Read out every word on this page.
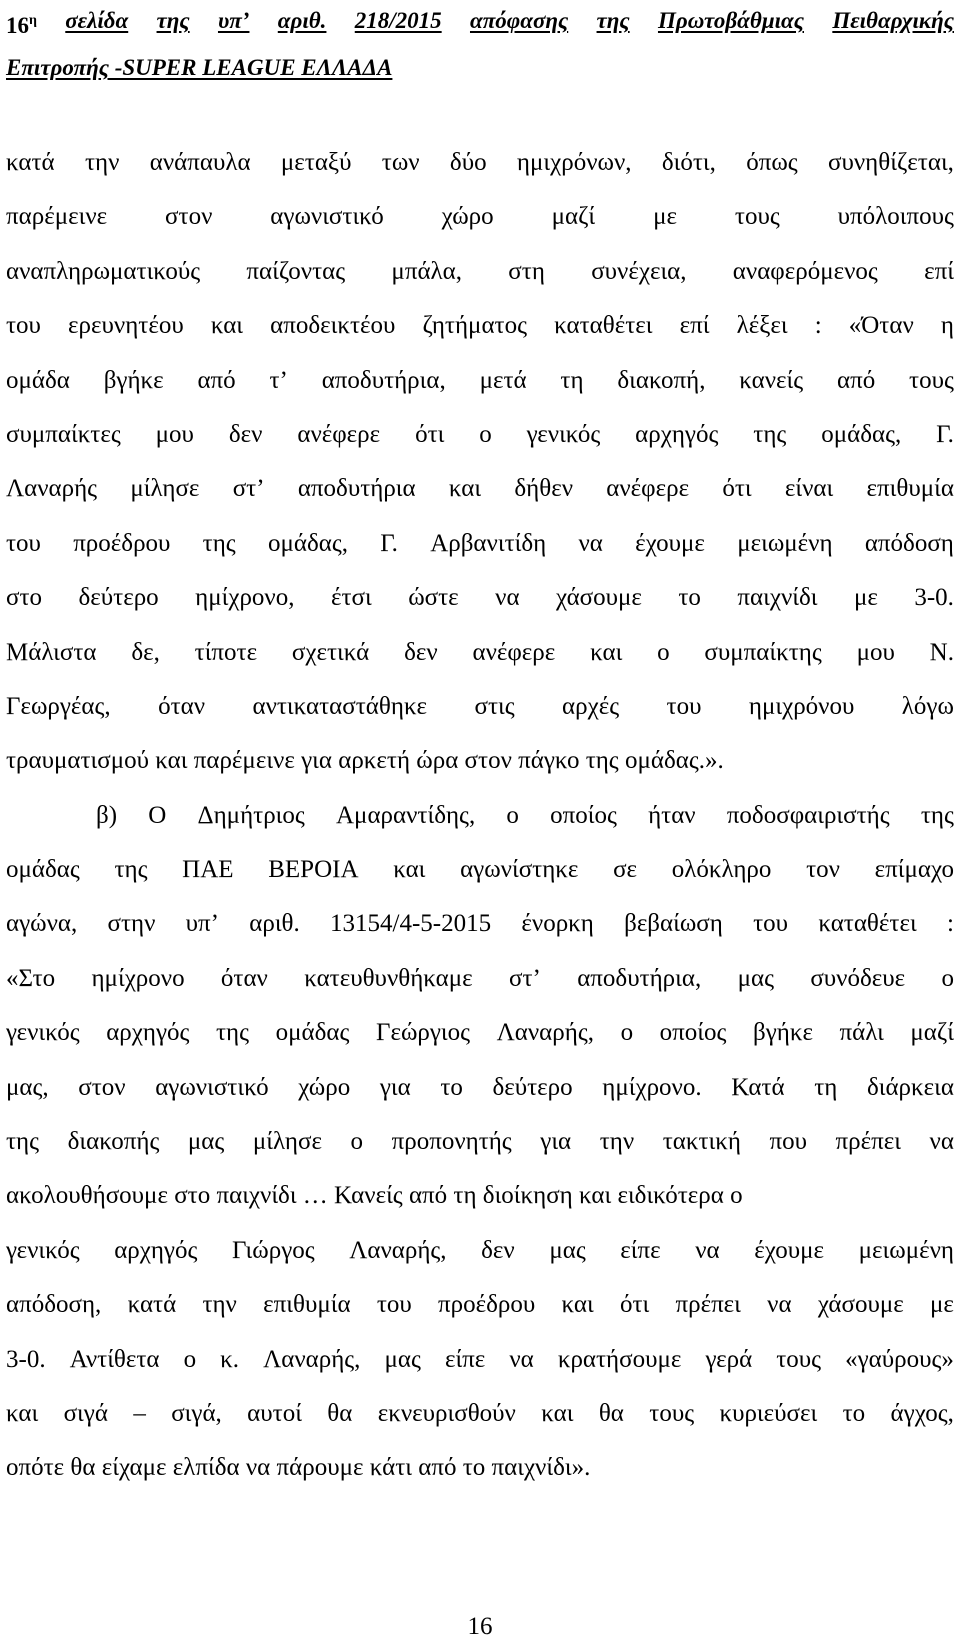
$16^\eta$ σελίδα της υπ’ αριθ. 218/2015 απόφασης της Πρωτοβάθμιας Πειθαρχικής
Επιτροπής -SUPER LEAGUE ΕΛΛΑΔΑ
κατά την ανάπαυλα μεταξύ των δύο ημιχρόνων, διότι, όπως συνηθίζεται,
παρέμεινε στον αγωνιστικό χώρο μαζί με τους υπόλοιπους
αναπληρωματικούς παίζοντας μπάλα, στη συνέχεια, αναφερόμενος επί
του ερευνητέου και αποδεικτέου ζητήματος καταθέτει επί λέξει : «Όταν η
ομάδα βγήκε από τ’ αποδυτήρια, μετά τη διακοπή, κανείς από τους
συμπαίκτες μου δεν ανέφερε ότι ο γενικός αρχηγός της ομάδας, Γ.
Λαναρής μίλησε στ’ αποδυτήρια και δήθεν ανέφερε ότι είναι επιθυμία
του προέδρου της ομάδας, Γ. Αρβανιτίδη να έχουμε μειωμένη απόδοση
στο δεύτερο ημίχρονο, έτσι ώστε να χάσουμε το παιχνίδι με 3-0.
Μάλιστα δε, τίποτε σχετικά δεν ανέφερε και ο συμπαίκτης μου Ν.
Γεωργέας, όταν αντικαταστάθηκε στις αρχές του ημιχρόνου λόγω
τραυματισμού και παρέμεινε για αρκετή ώρα στον πάγκο της ομάδας.».
β) Ο Δημήτριος Αμαραντίδης, ο οποίος ήταν ποδοσφαιριστής της
ομάδας της ΠΑΕ ΒΕΡΟΙΑ και αγωνίστηκε σε ολόκληρο τον επίμαχο
αγώνα, στην υπ’ αριθ. 13154/4-5-2015 ένορκη βεβαίωση του καταθέτει :
«Στο ημίχρονο όταν κατευθυνθήκαμε στ’ αποδυτήρια, μας συνόδευε ο
γενικός αρχηγός της ομάδας Γεώργιος Λαναρής, ο οποίος βγήκε πάλι μαζί
μας, στον αγωνιστικό χώρο για το δεύτερο ημίχρονο. Κατά τη διάρκεια
της διακοπής μας μίλησε ο προπονητής για την τακτική που πρέπει να
ακολουθήσουμε στο παιχνίδι … Κανείς από τη διοίκηση και ειδικότερα ο
γενικός αρχηγός Γιώργος Λαναρής, δεν μας είπε να έχουμε μειωμένη
απόδοση, κατά την επιθυμία του προέδρου και ότι πρέπει να χάσουμε με
3-0. Αντίθετα ο κ. Λαναρής, μας είπε να κρατήσουμε γερά τους «γαύρους»
και σιγά – σιγά, αυτοί θα εκνευρισθούν και θα τους κυριεύσει το άγχος,
οπότε θα είχαμε ελπίδα να πάρουμε κάτι από το παιχνίδι».
16
